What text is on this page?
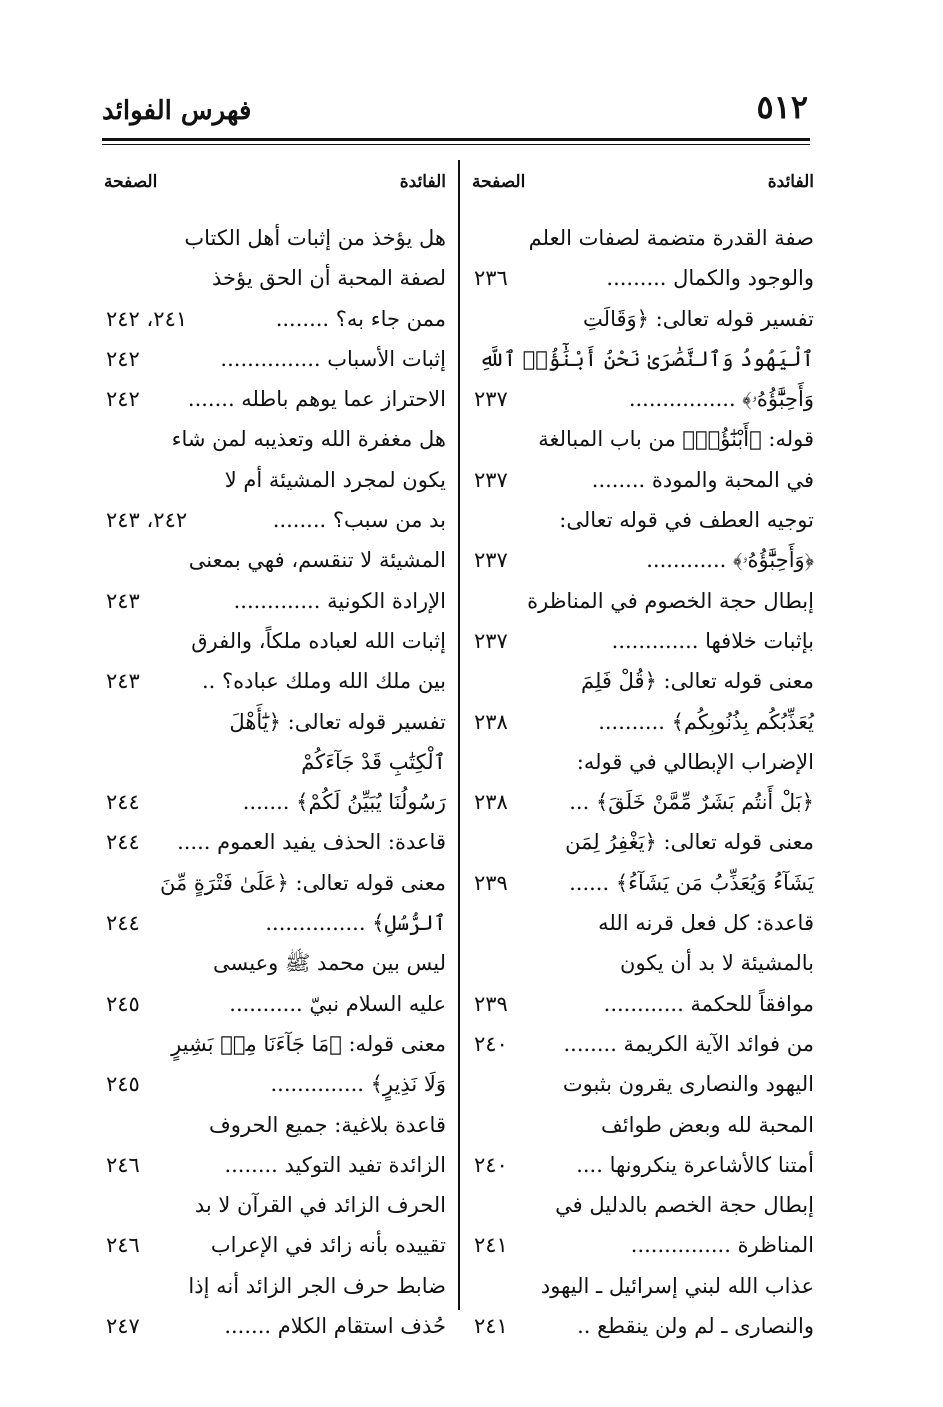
٥١٢
فهرس الفوائد
الفائدة
الصفحة
صفة القدرة متضمة لصفات العلم
والوجود والكمال .........
٢٣٦
تفسير قوله تعالى: ﴿وَقَالَتِ
ٱلْيَهُودُ وَٱلنَّصَٰرَىٰ نَحْنُ أَبْنَٰٓؤُا۟ ٱللَّهِ
وَأَحِبَّٰٓؤُهُۥ﴾ ................
٢٣٧
قوله: ﴿أَبْنَٰٓؤُا۟﴾ من باب المبالغة
في المحبة والمودة ........
٢٣٧
توجيه العطف في قوله تعالى:
﴿وَأَحِبَّٰٓؤُهُۥ﴾ ............
٢٣٧
إبطال حجة الخصوم في المناظرة
بإثبات خلافها .............
٢٣٧
معنى قوله تعالى: ﴿قُلْ فَلِمَ
يُعَذِّبُكُم بِذُنُوبِكُم﴾ ..........
٢٣٨
الإضراب الإبطالي في قوله:
﴿بَلْ أَنتُم بَشَرٌ مِّمَّنْ خَلَقَ﴾ ...
٢٣٨
معنى قوله تعالى: ﴿يَغْفِرُ لِمَن
يَشَآءُ وَيُعَذِّبُ مَن يَشَآءُ﴾ ......
٢٣٩
قاعدة: كل فعل قرنه الله
بالمشيئة لا بد أن يكون
موافقاً للحكمة ............
٢٣٩
من فوائد الآية الكريمة ........
٢٤٠
اليهود والنصارى يقرون بثبوت
المحبة لله وبعض طوائف
أمتنا كالأشاعرة ينكرونها ....
٢٤٠
إبطال حجة الخصم بالدليل في
المناظرة ...............
٢٤١
عذاب الله لبني إسرائيل ـ اليهود
والنصارى ـ لم ولن ينقطع ..
٢٤١
الفائدة
الصفحة
هل يؤخذ من إثبات أهل الكتاب
لصفة المحبة أن الحق يؤخذ
ممن جاء به؟ ........
٢٤١، ٢٤٢
إثبات الأسباب ...............
٢٤٢
الاحتراز عما يوهم باطله .......
٢٤٢
هل مغفرة الله وتعذيبه لمن شاء
يكون لمجرد المشيئة أم لا
بد من سبب؟ ........
٢٤٢، ٢٤٣
المشيئة لا تنقسم، فهي بمعنى
الإرادة الكونية .............
٢٤٣
إثبات الله لعباده ملكاً، والفرق
بين ملك الله وملك عباده؟ ..
٢٤٣
تفسير قوله تعالى: ﴿يَٰٓأَهْلَ
ٱلْكِتَٰبِ قَدْ جَآءَكُمْ
رَسُولُنَا يُبَيِّنُ لَكُمْ﴾ .......
٢٤٤
قاعدة: الحذف يفيد العموم .....
٢٤٤
معنى قوله تعالى: ﴿عَلَىٰ فَتْرَةٍ مِّنَ
ٱلرُّسُلِ﴾ ...............
٢٤٤
ليس بين محمد ﷺ وعيسى
عليه السلام نبيّ ...........
٢٤٥
معنى قوله: ﴿مَا جَآءَنَا مِنۢ بَشِيرٍ
وَلَا نَذِيرٍ﴾ ..............
٢٤٥
قاعدة بلاغية: جميع الحروف
الزائدة تفيد التوكيد ........
٢٤٦
الحرف الزائد في القرآن لا بد
تقييده بأنه زائد في الإعراب
٢٤٦
ضابط حرف الجر الزائد أنه إذا
حُذف استقام الكلام .......
٢٤٧
